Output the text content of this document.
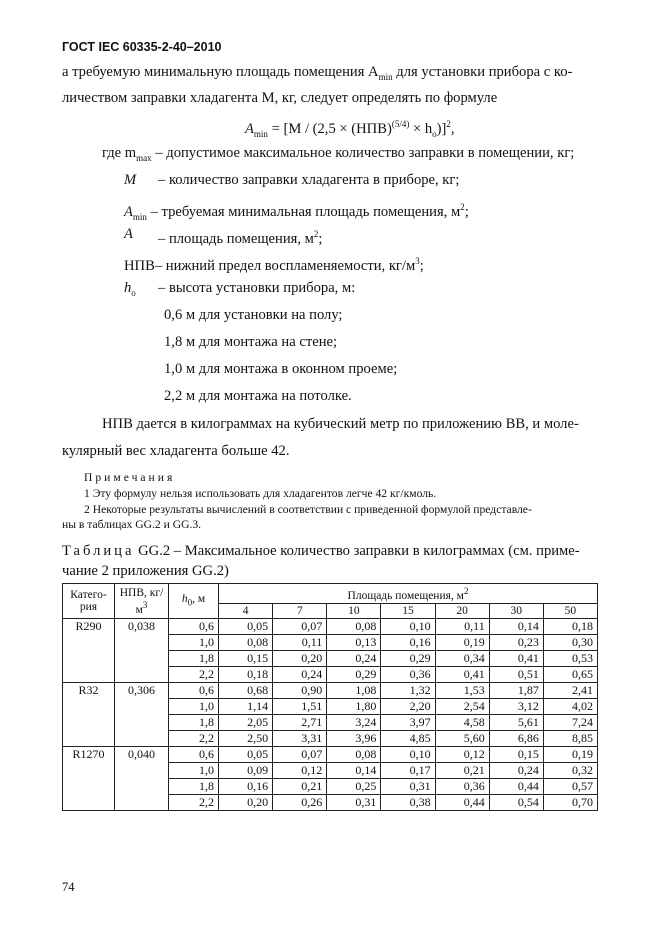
ГОСТ IEC 60335-2-40–2010
а требуемую минимальную площадь помещения $A_{min}$ для установки прибора с ко-
личеством заправки хладагента M, кг, следует определять по формуле
$A_{min} = [M / (2,5 \times (НПВ)^{(5/4)} \times h_o)]^2$,
где $m_{max}$ – допустимое максимальное количество заправки в помещении, кг;
M – количество заправки хладагента в приборе, кг;
$A_{min}$ – требуемая минимальная площадь помещения, $м^2$;
A – площадь помещения, $м^2$;
НПВ– нижний предел воспламеняемости, $кг/м^3$;
$h_o$ – высота установки прибора, м:
0,6 м для установки на полу;
1,8 м для монтажа на стене;
1,0 м для монтажа в оконном проеме;
2,2 м для монтажа на потолке.
НПВ дается в килограммах на кубический метр по приложению ВВ, и моле-
кулярный вес хладагента больше 42.
Примечания
1 Эту формулу нельзя использовать для хладагентов легче 42 кг/кмоль.
2 Некоторые результаты вычислений в соответствии с приведенной формулой представле-
ны в таблицах GG.2 и GG.3.
Таблица GG.2 – Максимальное количество заправки в килограммах (см. приме-
чание 2 приложения GG.2)
Катего-рия	НПВ, $кг/м^3$	$h_0$, м	Площадь помещения, $м^2$
			4	7	10	15	20	30	50
R290	0,038	0,6	0,05	0,07	0,08	0,10	0,11	0,14	0,18
		1,0	0,08	0,11	0,13	0,16	0,19	0,23	0,30
		1,8	0,15	0,20	0,24	0,29	0,34	0,41	0,53
		2,2	0,18	0,24	0,29	0,36	0,41	0,51	0,65
R32	0,306	0,6	0,68	0,90	1,08	1,32	1,53	1,87	2,41
		1,0	1,14	1,51	1,80	2,20	2,54	3,12	4,02
		1,8	2,05	2,71	3,24	3,97	4,58	5,61	7,24
		2,2	2,50	3,31	3,96	4,85	5,60	6,86	8,85
R1270	0,040	0,6	0,05	0,07	0,08	0,10	0,12	0,15	0,19
		1,0	0,09	0,12	0,14	0,17	0,21	0,24	0,32
		1,8	0,16	0,21	0,25	0,31	0,36	0,44	0,57
		2,2	0,20	0,26	0,31	0,38	0,44	0,54	0,70
74
